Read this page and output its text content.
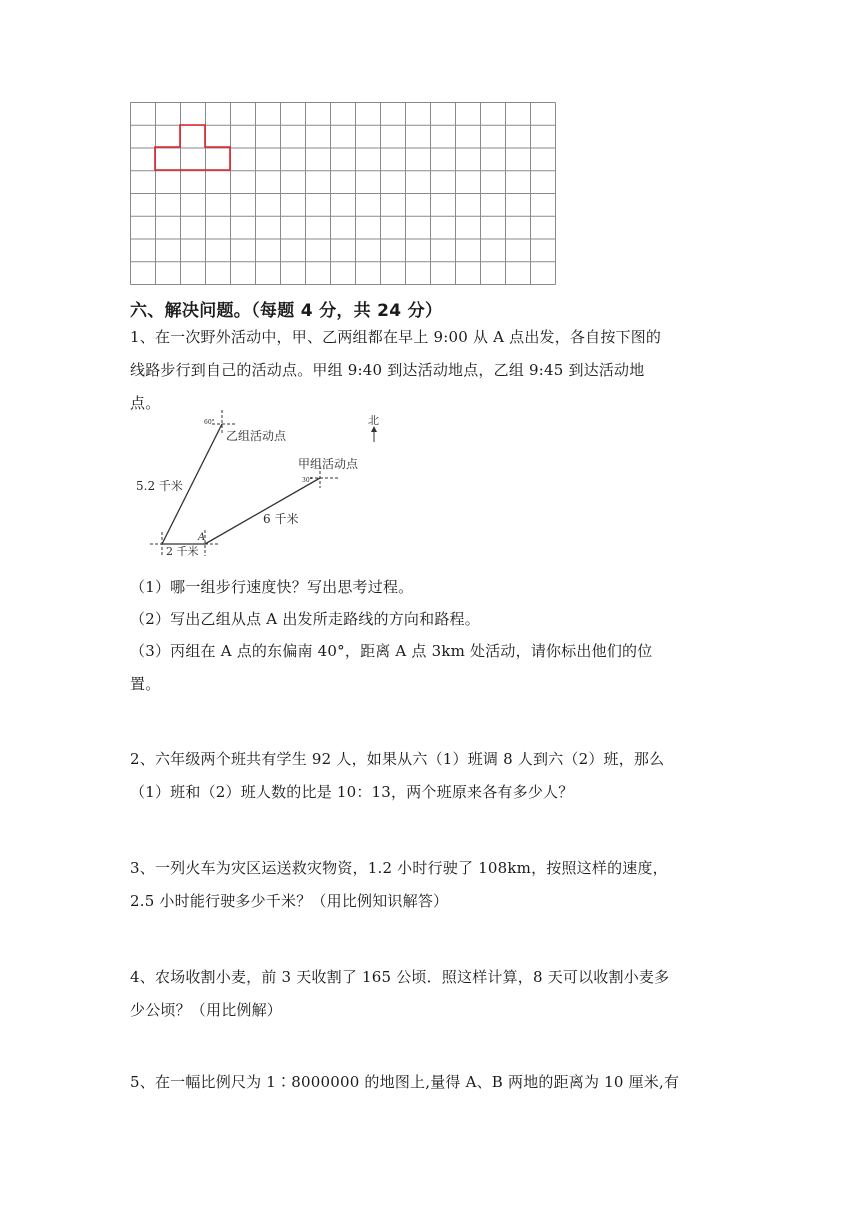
六、解决问题。（每题 4 分，共 24 分）
1、在一次野外活动中，甲、乙两组都在早上 9:00 从 A 点出发，各自按下图的
线路步行到自己的活动点。甲组 9:40 到达活动地点，乙组 9:45 到达活动地
点。
北
2 千米
A
乙组活动点
60°
5.2 千米
甲组活动点
30°
6 千米
（1）哪一组步行速度快？写出思考过程。
（2）写出乙组从点 A 出发所走路线的方向和路程。
（3）丙组在 A 点的东偏南 40°，距离 A 点 3km 处活动，请你标出他们的位
置。
2、六年级两个班共有学生 92 人，如果从六（1）班调 8 人到六（2）班，那么
（1）班和（2）班人数的比是 10：13，两个班原来各有多少人？
3、一列火车为灾区运送救灾物资，1.2 小时行驶了 108km，按照这样的速度，
2.5 小时能行驶多少千米？（用比例知识解答）
4、农场收割小麦，前 3 天收割了 165 公顷．照这样计算，8 天可以收割小麦多
少公顷？（用比例解）
5、在一幅比例尺为 1∶8000000 的地图上,量得 A、B 两地的距离为 10 厘米,有
